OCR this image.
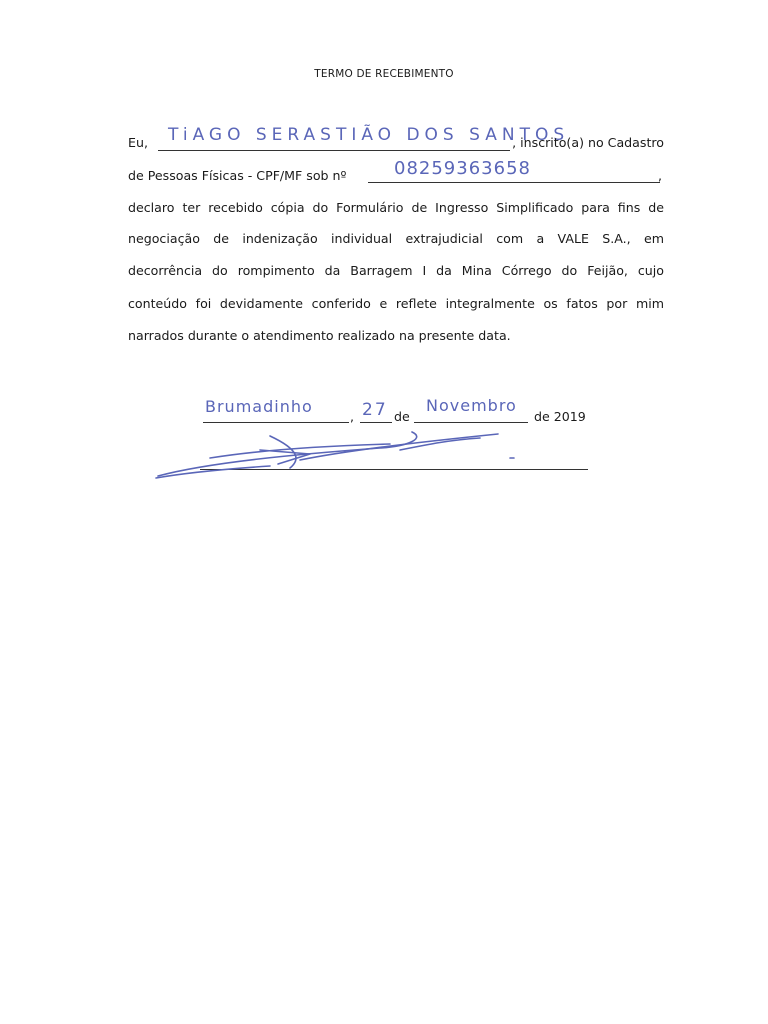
TERMO DE RECEBIMENTO
Eu, TiAGO SERASTIÃO DOS SANTOS
, inscrito(a) no Cadastro
de Pessoas Físicas - CPF/MF sob nº	08259363658	,
declaro ter recebido cópia do Formulário de Ingresso Simplificado para fins de
negociação de indenização individual extrajudicial com a VALE S.A., em
decorrência do rompimento da Barragem I da Mina Córrego do Feijão, cujo
conteúdo foi devidamente conferido e reflete integralmente os fatos por mim
narrados durante o atendimento realizado na presente data.
Brumadinho
, 27 de
Novembro
de 2019
